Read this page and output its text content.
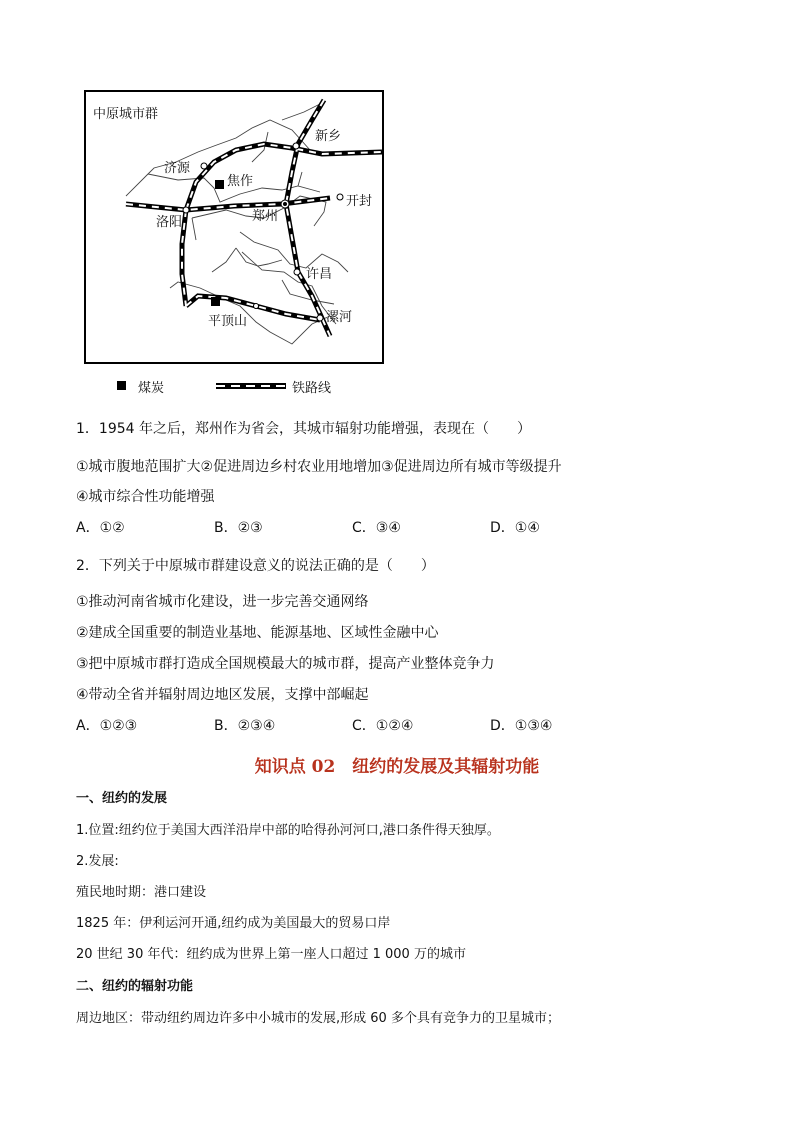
中原城市群
新乡
济源
焦作
开封
洛阳	郑州
许昌
平顶山	漯河
煤炭	铁路线
1．1954 年之后，郑州作为省会，其城市辐射功能增强，表现在（　　）
①城市腹地范围扩大②促进周边乡村农业用地增加③促进周边所有城市等级提升
④城市综合性功能增强
A．①②	B．②③	C．③④	D．①④
2．下列关于中原城市群建设意义的说法正确的是（　　）
①推动河南省城市化建设，进一步完善交通网络
②建成全国重要的制造业基地、能源基地、区域性金融中心
③把中原城市群打造成全国规模最大的城市群，提高产业整体竞争力
④带动全省并辐射周边地区发展，支撑中部崛起
A．①②③	B．②③④	C．①②④	D．①③④
知识点 02　纽约的发展及其辐射功能
一、纽约的发展
1.位置:纽约位于美国大西洋沿岸中部的哈得孙河河口,港口条件得天独厚。
2.发展:
殖民地时期：港口建设
1825 年：伊利运河开通,纽约成为美国最大的贸易口岸
20 世纪 30 年代：纽约成为世界上第一座人口超过 1 000 万的城市
二、纽约的辐射功能
周边地区：带动纽约周边许多中小城市的发展,形成 60 多个具有竞争力的卫星城市；
